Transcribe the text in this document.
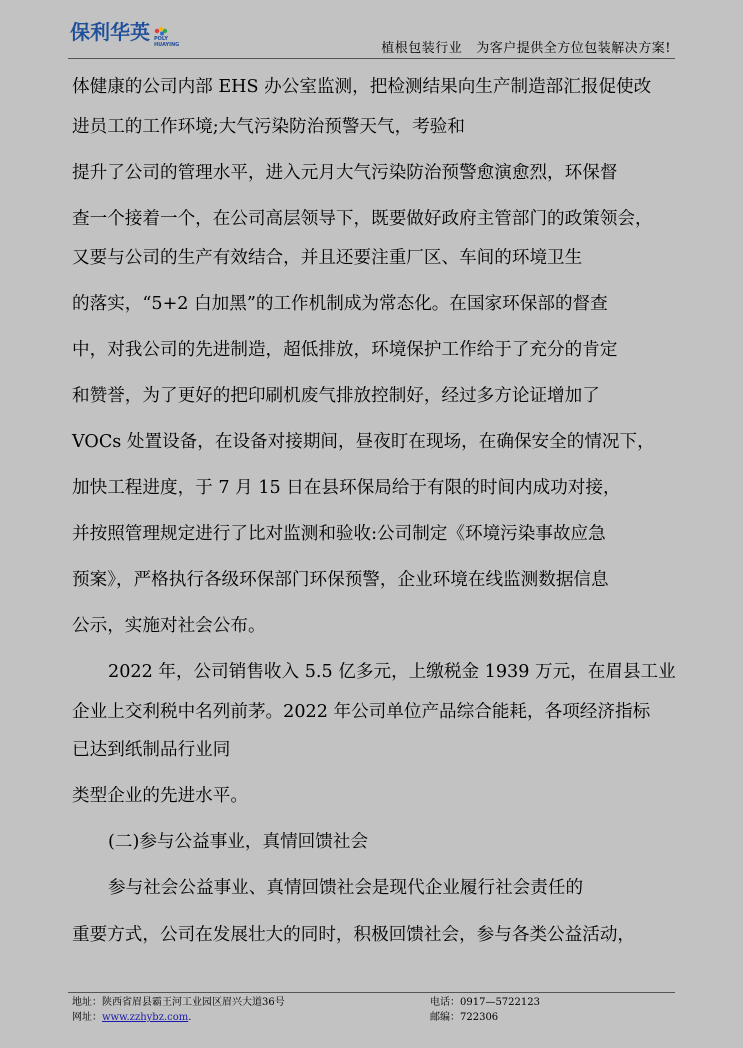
保利华英 POLY
HUAYING	植根包装行业 为客户提供全方位包装解决方案!
体健康的公司内部 EHS 办公室监测，把检测结果向生产制造部汇报促使改
进员工的工作环境;大气污染防治预警天气，考验和
提升了公司的管理水平，进入元月大气污染防治预警愈演愈烈，环保督
查一个接着一个，在公司高层领导下，既要做好政府主管部门的政策领会，
又要与公司的生产有效结合，并且还要注重厂区、车间的环境卫生
的落实，“5+2 白加黑”的工作机制成为常态化。在国家环保部的督查
中，对我公司的先进制造，超低排放，环境保护工作给于了充分的肯定
和赞誉，为了更好的把印刷机废气排放控制好，经过多方论证增加了
VOCs 处置设备，在设备对接期间，昼夜盯在现场，在确保安全的情况下，
加快工程进度，于 7 月 15 日在县环保局给于有限的时间内成功对接，
并按照管理规定进行了比对监测和验收:公司制定《环境污染事故应急
预案》，严格执行各级环保部门环保预警，企业环境在线监测数据信息
公示，实施对社会公布。
2022 年，公司销售收入 5.5 亿多元，上缴税金 1939 万元，在眉县工业
企业上交利税中名列前茅。2022 年公司单位产品综合能耗，各项经济指标
已达到纸制品行业同
类型企业的先进水平。
(二)参与公益事业，真情回馈社会
参与社会公益事业、真情回馈社会是现代企业履行社会责任的
重要方式，公司在发展壮大的同时，积极回馈社会，参与各类公益活动，
地址：陕西省眉县霸王河工业园区眉兴大道36号
网址：www.zzhybz.com.
电话：0917—5722123
邮编：722306
